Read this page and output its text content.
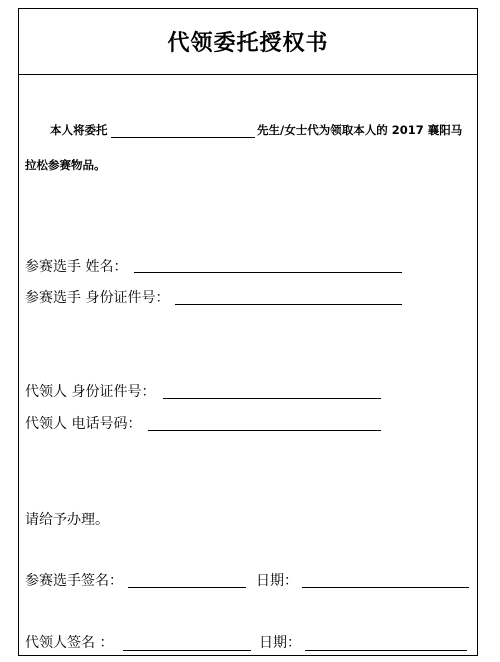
代领委托授权书
本人将委托	先生/女士代为领取本人的 2017 襄阳马
拉松参赛物品。
参赛选手 姓名：
参赛选手 身份证件号：
代领人 身份证件号：
代领人 电话号码：
请给予办理。
参赛选手签名：	日期：
代领人签名 ：	日期：
